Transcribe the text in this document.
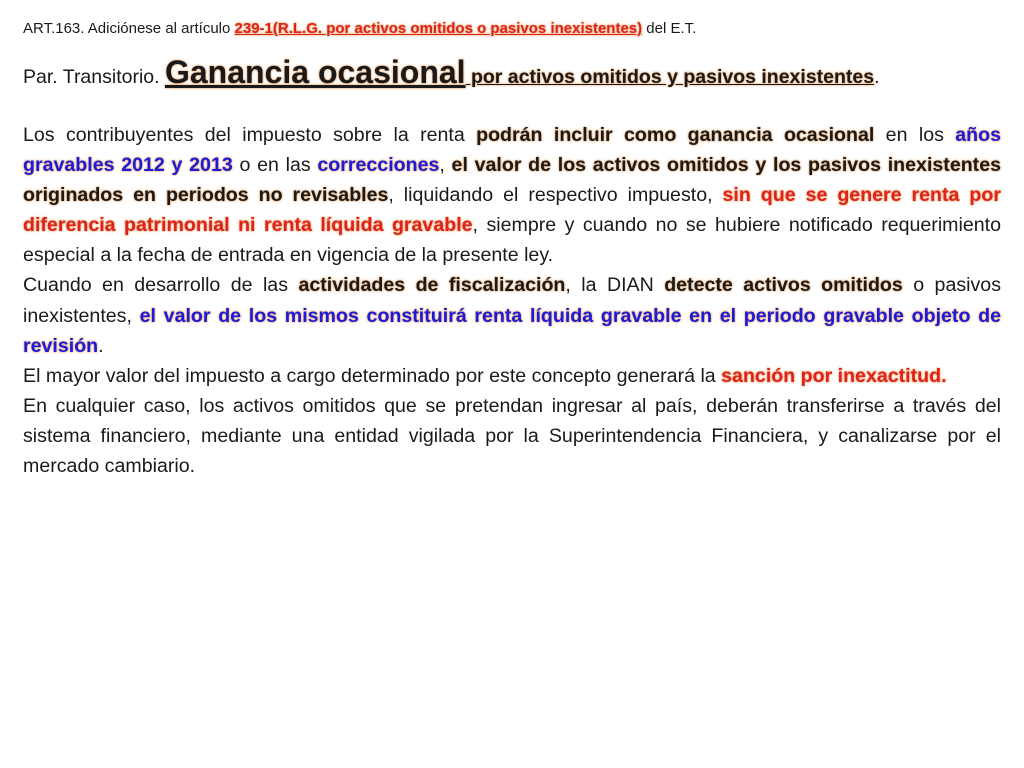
ART.163. Adiciónese al artículo 239-1(R.L.G. por activos omitidos o pasivos inexistentes) del E.T.
Par. Transitorio. Ganancia ocasional por activos omitidos y pasivos inexistentes.

Los contribuyentes del impuesto sobre la renta podrán incluir como ganancia ocasional en los años gravables 2012 y 2013 o en las correcciones, el valor de los activos omitidos y los pasivos inexistentes originados en periodos no revisables, liquidando el respectivo impuesto, sin que se genere renta por diferencia patrimonial ni renta líquida gravable, siempre y cuando no se hubiere notificado requerimiento especial a la fecha de entrada en vigencia de la presente ley.

Cuando en desarrollo de las actividades de fiscalización, la DIAN detecte activos omitidos o pasivos inexistentes, el valor de los mismos constituirá renta líquida gravable en el periodo gravable objeto de revisión.

El mayor valor del impuesto a cargo determinado por este concepto generará la sanción por inexactitud.

En cualquier caso, los activos omitidos que se pretendan ingresar al país, deberán transferirse a través del sistema financiero, mediante una entidad vigilada por la Superintendencia Financiera, y canalizarse por el mercado cambiario.
